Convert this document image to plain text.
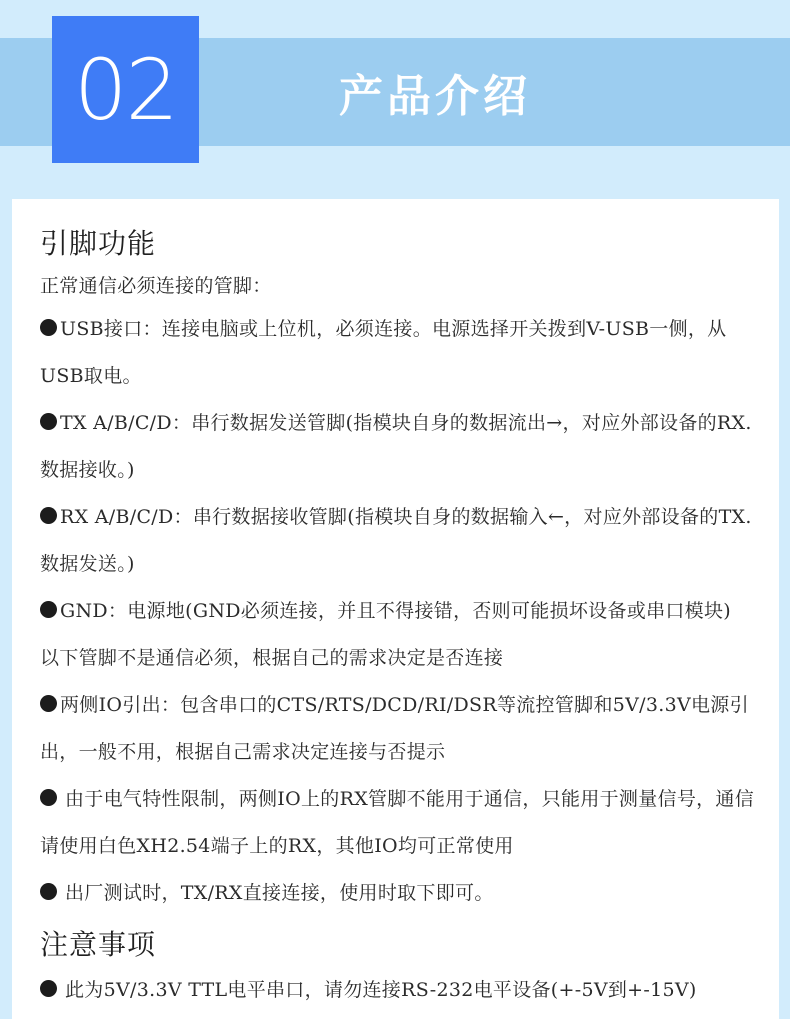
02	产品介绍
引脚功能

正常通信必须连接的管脚：

USB接口：连接电脑或上位机，必须连接。电源选择开关拨到V-USB一侧，从USB取电。
TX A/B/C/D：串行数据发送管脚(指模块自身的数据流出→，对应外部设备的RX.数据接收。)
RX A/B/C/D：串行数据接收管脚(指模块自身的数据输入←，对应外部设备的TX.数据发送。)
GND：电源地(GND必须连接，并且不得接错，否则可能损坏设备或串口模块)

以下管脚不是通信必须，根据自己的需求决定是否连接

两侧IO引出：包含串口的CTS/RTS/DCD/RI/DSR等流控管脚和5V/3.3V电源引出，一般不用，根据自己需求决定连接与否提示
由于电气特性限制，两侧IO上的RX管脚不能用于通信，只能用于测量信号，通信请使用白色XH2.54端子上的RX，其他IO均可正常使用
出厂测试时，TX/RX直接连接，使用时取下即可。
注意事项
此为5V/3.3V TTL电平串口，请勿连接RS-232电平设备(+-5V到+-15V)
